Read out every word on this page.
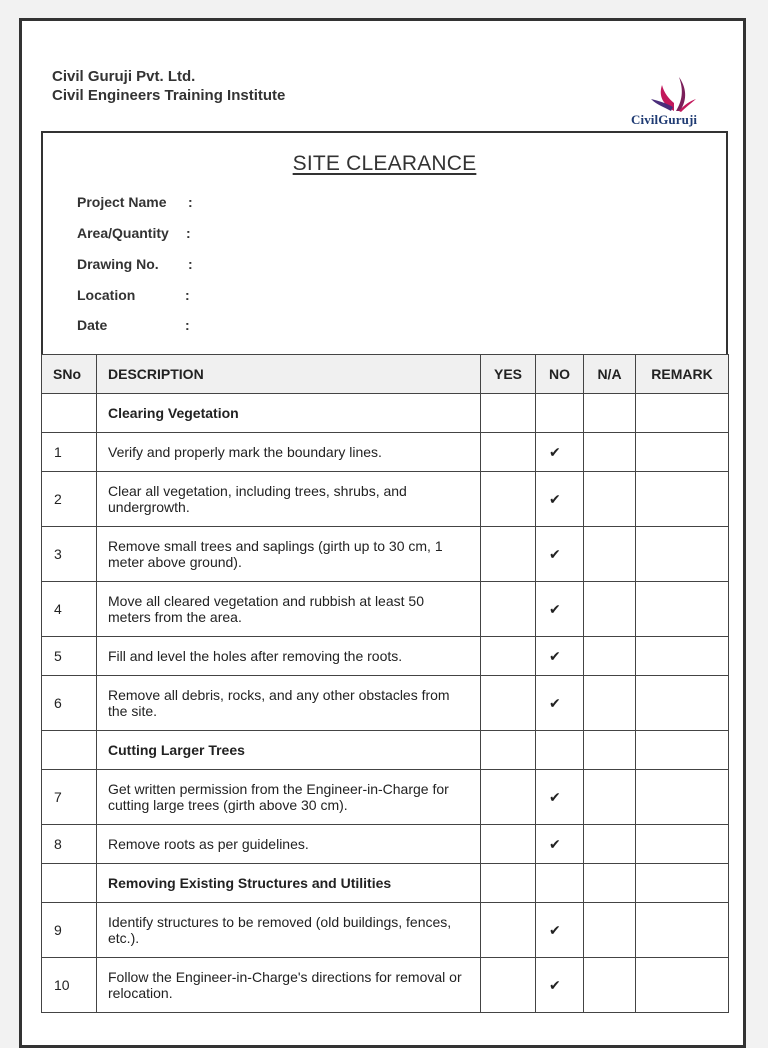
Civil Guruji Pvt. Ltd.
Civil Engineers Training Institute
CivilGuruji
SITE CLEARANCE
Project Name :
Area/Quantity :
Drawing No. :
Location	:
Date	:
SNo	DESCRIPTION	YES	NO	N/A	REMARK
	Clearing Vegetation				
1	Verify and properly mark the boundary lines.		✔		
2	Clear all vegetation, including trees, shrubs, and undergrowth.		✔		
3	Remove small trees and saplings (girth up to 30 cm, 1 meter above ground).		✔		
4	Move all cleared vegetation and rubbish at least 50 meters from the area.		✔		
5	Fill and level the holes after removing the roots.		✔		
6	Remove all debris, rocks, and any other obstacles from the site.		✔		
	Cutting Larger Trees				
7	Get written permission from the Engineer-in-Charge for cutting large trees (girth above 30 cm).		✔		
8	Remove roots as per guidelines.		✔		
	Removing Existing Structures and Utilities				
9	Identify structures to be removed (old buildings, fences, etc.).		✔		
10	Follow the Engineer-in-Charge's directions for removal or relocation.		✔		
